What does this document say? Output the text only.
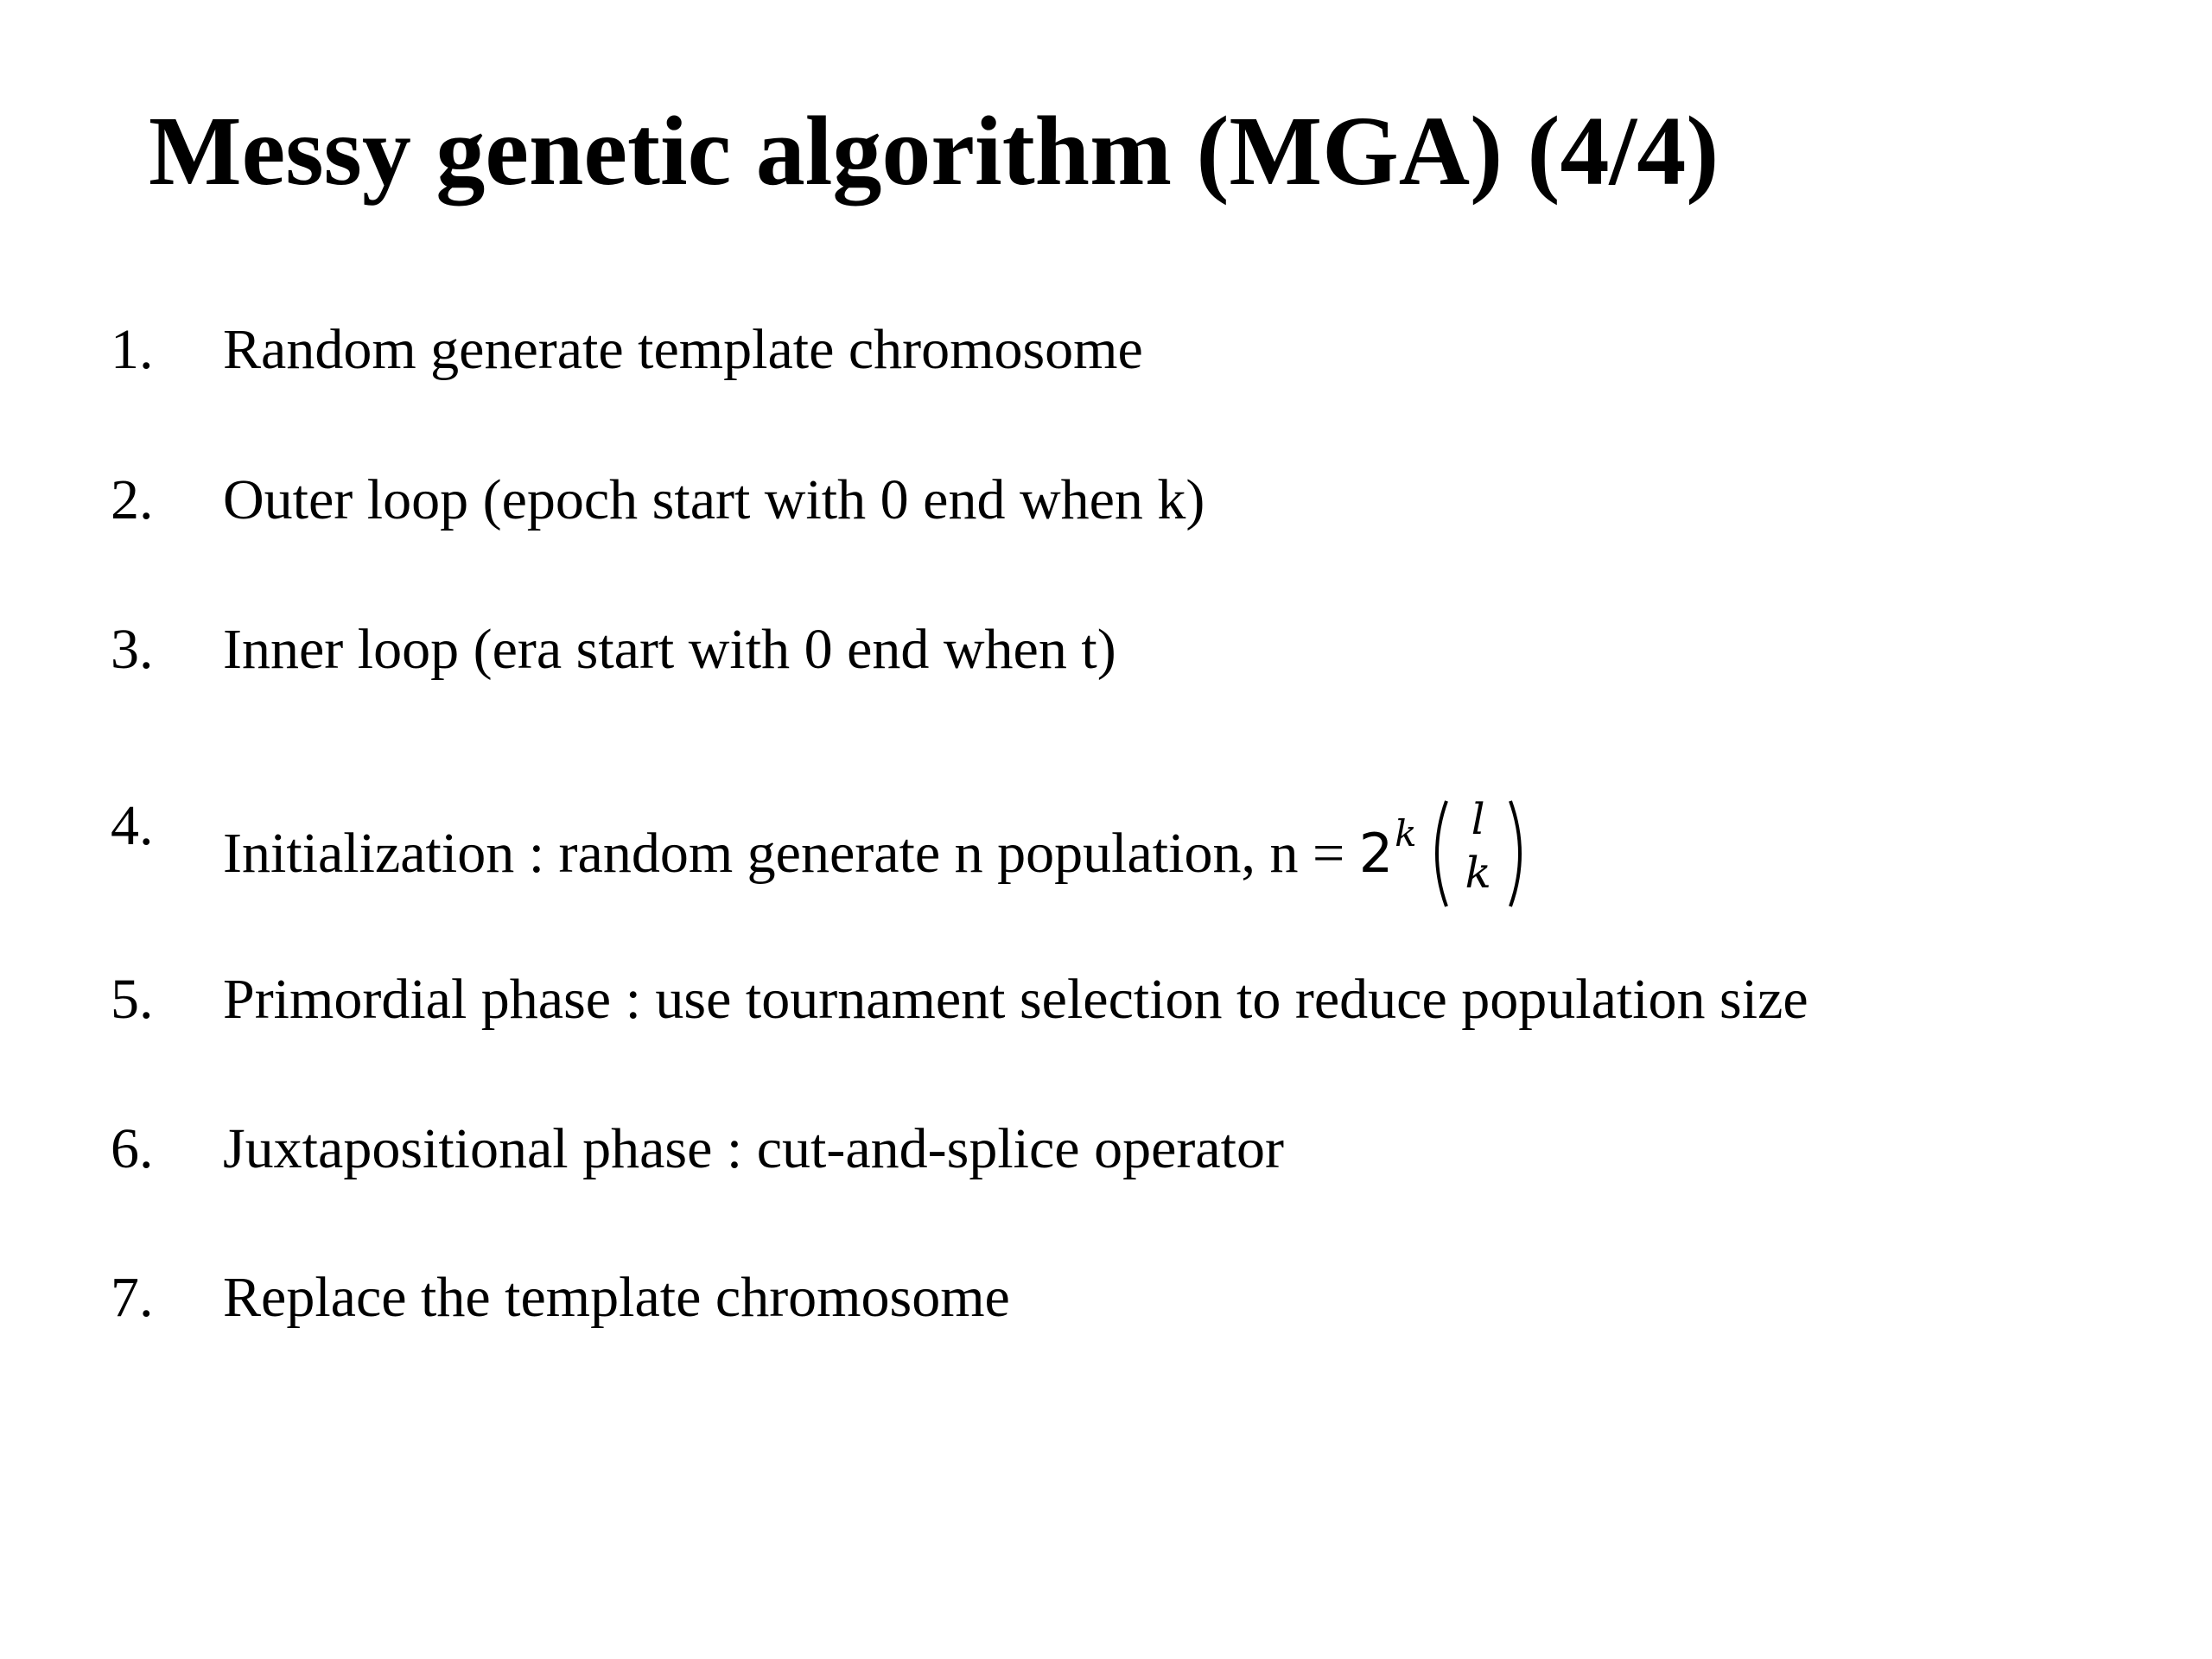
Messy genetic algorithm (MGA) (4/4)
1.	Random generate template chromosome
2.	Outer loop (epoch start with 0 end when k)
3.	Inner loop (era start with 0 end when t)
4.	Initialization : random generate n population, $n = 2^k$	l
k
5.	Primordial phase : use tournament selection to reduce population size
6.	Juxtapositional phase : cut-and-splice operator
7.	Replace the template chromosome
